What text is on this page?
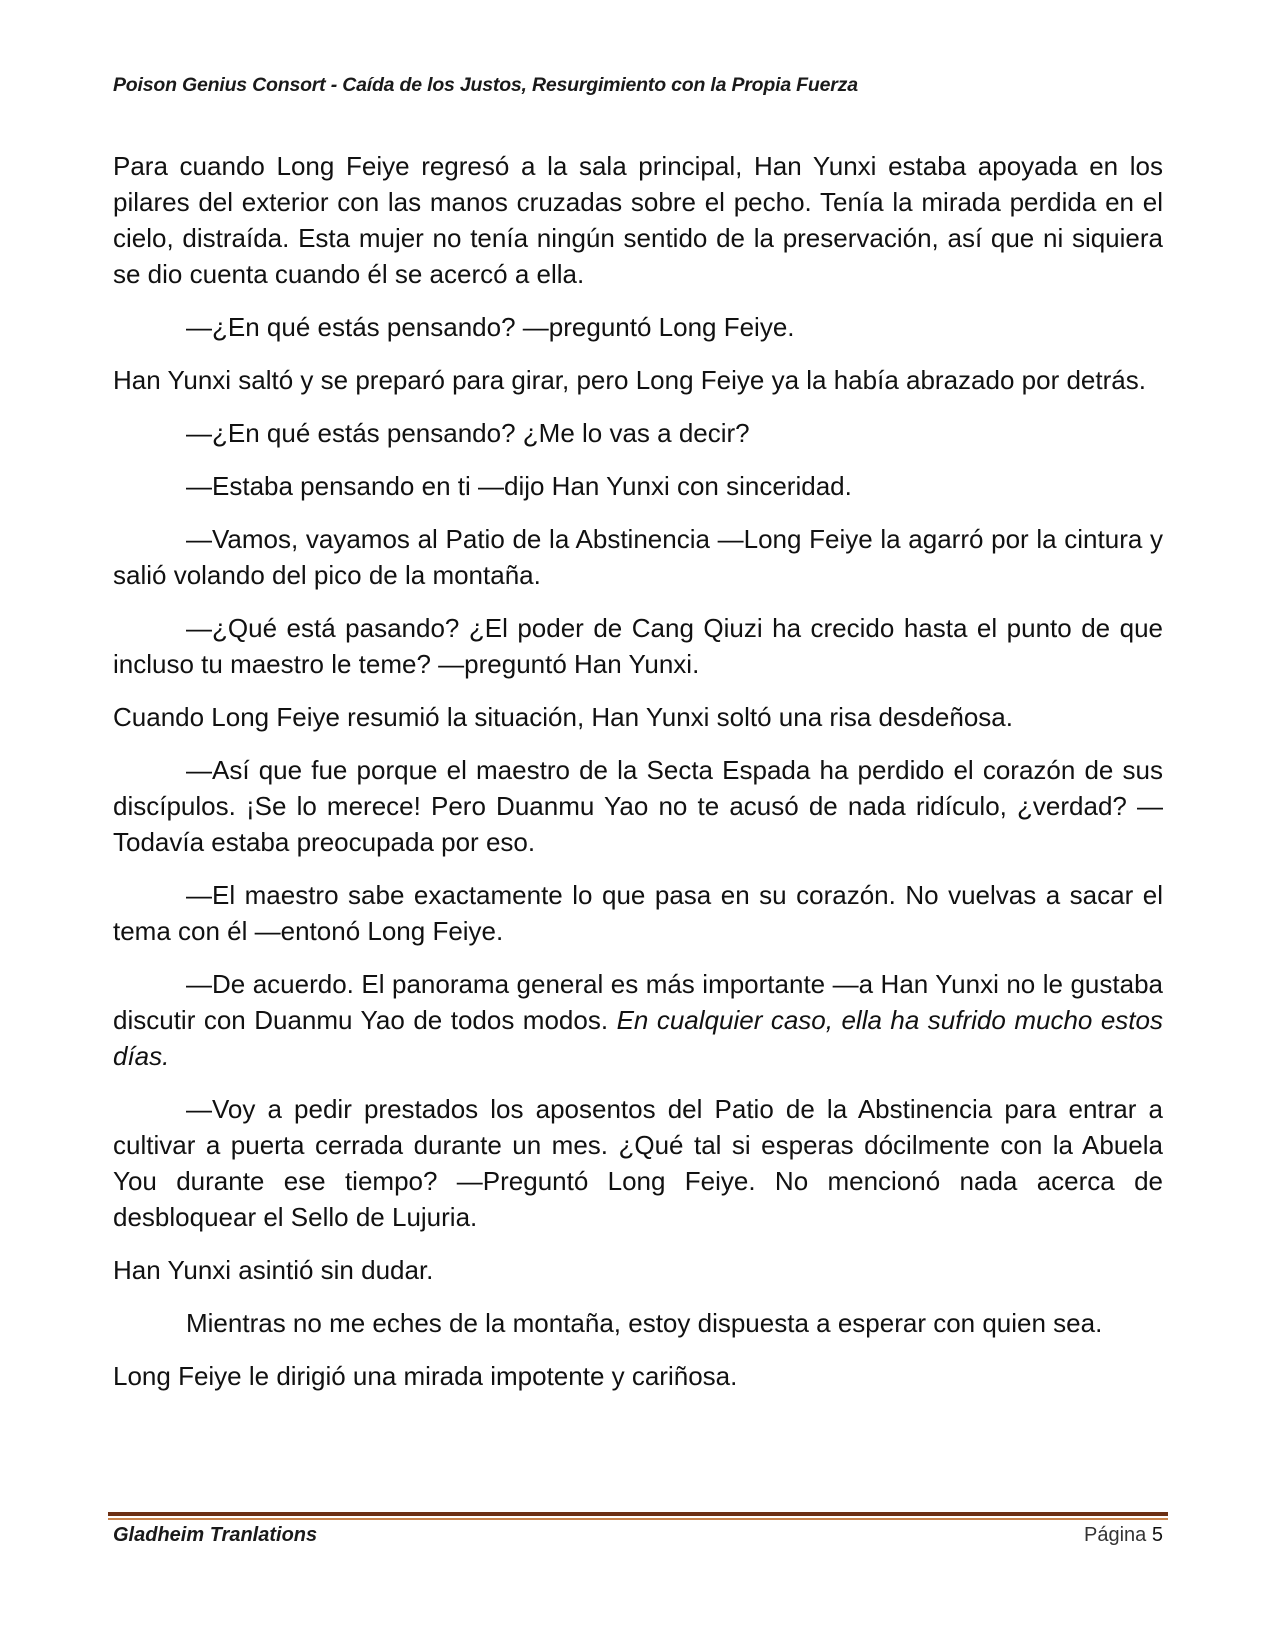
Poison Genius Consort - Caída de los Justos, Resurgimiento con la Propia Fuerza

Para cuando Long Feiye regresó a la sala principal, Han Yunxi estaba apoyada en los pilares del exterior con las manos cruzadas sobre el pecho. Tenía la mirada perdida en el cielo, distraída. Esta mujer no tenía ningún sentido de la preservación, así que ni siquiera se dio cuenta cuando él se acercó a ella.

—¿En qué estás pensando? —preguntó Long Feiye.

Han Yunxi saltó y se preparó para girar, pero Long Feiye ya la había abrazado por detrás.

—¿En qué estás pensando? ¿Me lo vas a decir?

—Estaba pensando en ti —dijo Han Yunxi con sinceridad.

—Vamos, vayamos al Patio de la Abstinencia —Long Feiye la agarró por la cintura y salió volando del pico de la montaña.

—¿Qué está pasando? ¿El poder de Cang Qiuzi ha crecido hasta el punto de que incluso tu maestro le teme? —preguntó Han Yunxi.

Cuando Long Feiye resumió la situación, Han Yunxi soltó una risa desdeñosa.

—Así que fue porque el maestro de la Secta Espada ha perdido el corazón de sus discípulos. ¡Se lo merece! Pero Duanmu Yao no te acusó de nada ridículo, ¿verdad? —Todavía estaba preocupada por eso.

—El maestro sabe exactamente lo que pasa en su corazón. No vuelvas a sacar el tema con él —entonó Long Feiye.

—De acuerdo. El panorama general es más importante —a Han Yunxi no le gustaba discutir con Duanmu Yao de todos modos. En cualquier caso, ella ha sufrido mucho estos días.

—Voy a pedir prestados los aposentos del Patio de la Abstinencia para entrar a cultivar a puerta cerrada durante un mes. ¿Qué tal si esperas dócilmente con la Abuela You durante ese tiempo? —Preguntó Long Feiye. No mencionó nada acerca de desbloquear el Sello de Lujuria.

Han Yunxi asintió sin dudar.

Mientras no me eches de la montaña, estoy dispuesta a esperar con quien sea.

Long Feiye le dirigió una mirada impotente y cariñosa.

Gladheim Tranlations	Página 5
